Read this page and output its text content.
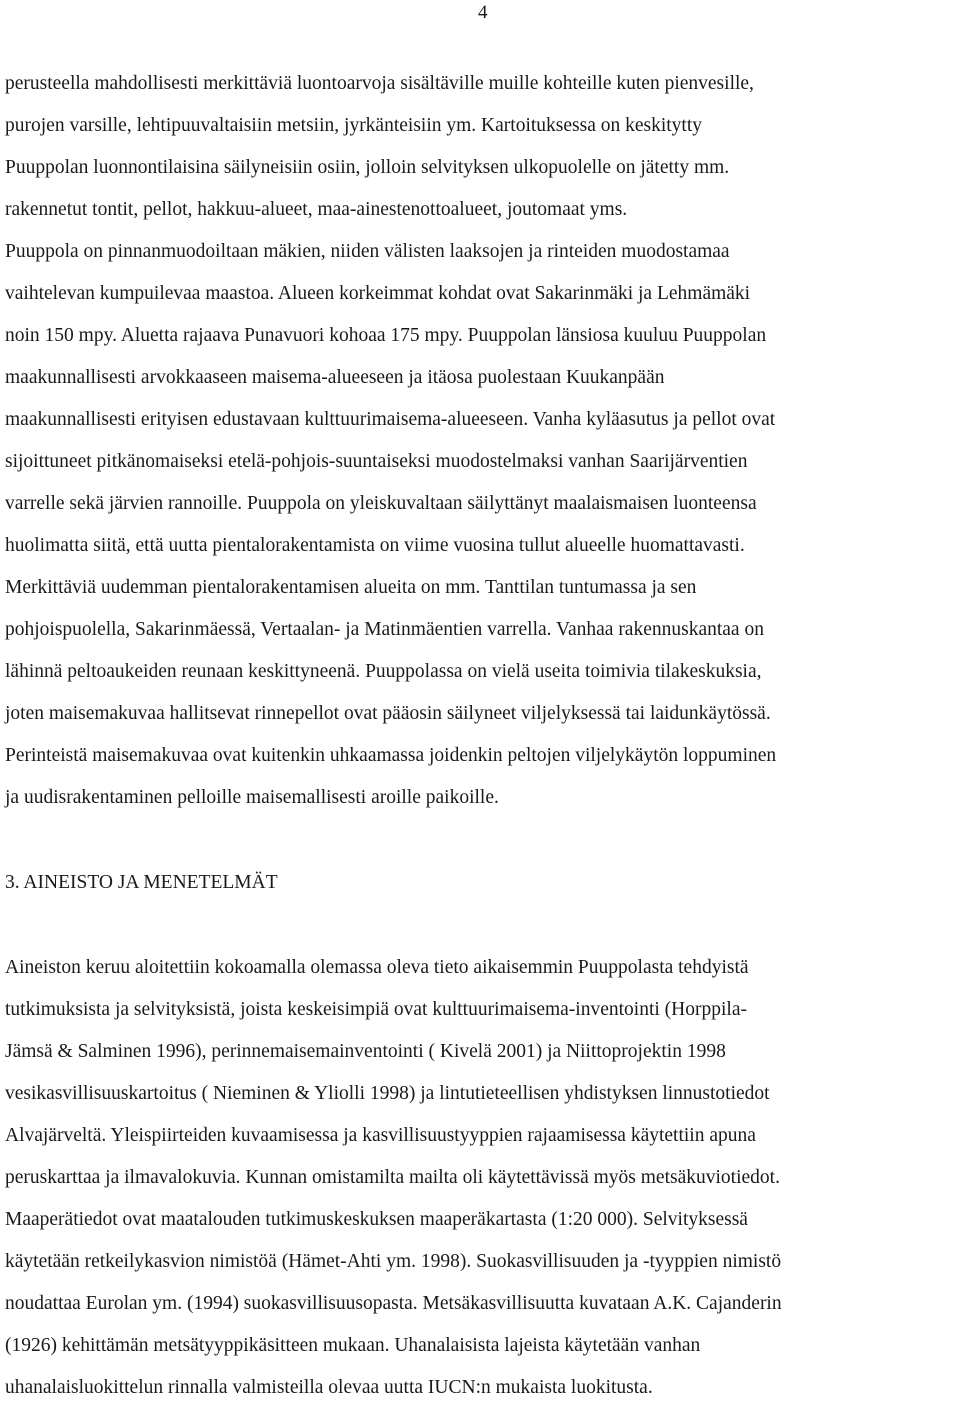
4
perusteella mahdollisesti merkittäviä luontoarvoja sisältäville muille kohteille kuten pienvesille,
purojen varsille, lehtipuuvaltaisiin metsiin, jyrkänteisiin ym. Kartoituksessa on keskitytty
Puuppolan luonnontilaisina säilyneisiin osiin, jolloin selvityksen ulkopuolelle on jätetty mm.
rakennetut tontit, pellot, hakkuu-alueet, maa-ainestenottoalueet, joutomaat yms.
Puuppola on pinnanmuodoiltaan mäkien, niiden välisten laaksojen ja rinteiden muodostamaa
vaihtelevan kumpuilevaa maastoa. Alueen korkeimmat kohdat ovat Sakarinmäki ja Lehmämäki
noin 150 mpy. Aluetta rajaava Punavuori kohoaa 175 mpy. Puuppolan länsiosa kuuluu Puuppolan
maakunnallisesti arvokkaaseen maisema-alueeseen ja itäosa puolestaan Kuukanpään
maakunnallisesti erityisen edustavaan kulttuurimaisema-alueeseen. Vanha kyläasutus ja pellot ovat
sijoittuneet pitkänomaiseksi etelä-pohjois-suuntaiseksi muodostelmaksi vanhan Saarijärventien
varrelle sekä järvien rannoille. Puuppola on yleiskuvaltaan säilyttänyt maalaismaisen luonteensa
huolimatta siitä, että uutta pientalorakentamista on viime vuosina tullut alueelle huomattavasti.
Merkittäviä uudemman pientalorakentamisen alueita on mm. Tanttilan tuntumassa ja sen
pohjoispuolella, Sakarinmäessä, Vertaalan- ja Matinmäentien varrella. Vanhaa rakennuskantaa on
lähinnä peltoaukeiden reunaan keskittyneenä. Puuppolassa on vielä useita toimivia tilakeskuksia,
joten maisemakuvaa hallitsevat rinnepellot ovat pääosin säilyneet viljelyksessä tai laidunkäytössä.
Perinteistä maisemakuvaa ovat kuitenkin uhkaamassa joidenkin peltojen viljelykäytön loppuminen
ja uudisrakentaminen pelloille maisemallisesti aroille paikoille.
3. AINEISTO JA MENETELMÄT
Aineiston keruu aloitettiin kokoamalla olemassa oleva tieto aikaisemmin Puuppolasta tehdyistä
tutkimuksista ja selvityksistä, joista keskeisimpiä ovat kulttuurimaisema-inventointi (Horppila-
Jämsä & Salminen 1996), perinnemaisemainventointi ( Kivelä 2001) ja Niittoprojektin 1998
vesikasvillisuuskartoitus ( Nieminen & Yliolli 1998) ja lintutieteellisen yhdistyksen linnustotiedot
Alvajärveltä. Yleispiirteiden kuvaamisessa ja kasvillisuustyyppien rajaamisessa käytettiin apuna
peruskarttaa ja ilmavalokuvia. Kunnan omistamilta mailta oli käytettävissä myös metsäkuviotiedot.
Maaperätiedot ovat maatalouden tutkimuskeskuksen maaperäkartasta (1:20 000). Selvityksessä
käytetään retkeilykasvion nimistöä (Hämet-Ahti ym. 1998). Suokasvillisuuden ja -tyyppien nimistö
noudattaa Eurolan ym. (1994) suokasvillisuusopasta. Metsäkasvillisuutta kuvataan A.K. Cajanderin
(1926) kehittämän metsätyyppikäsitteen mukaan. Uhanalaisista lajeista käytetään vanhan
uhanalaisluokittelun rinnalla valmisteilla olevaa uutta IUCN:n mukaista luokitusta.
